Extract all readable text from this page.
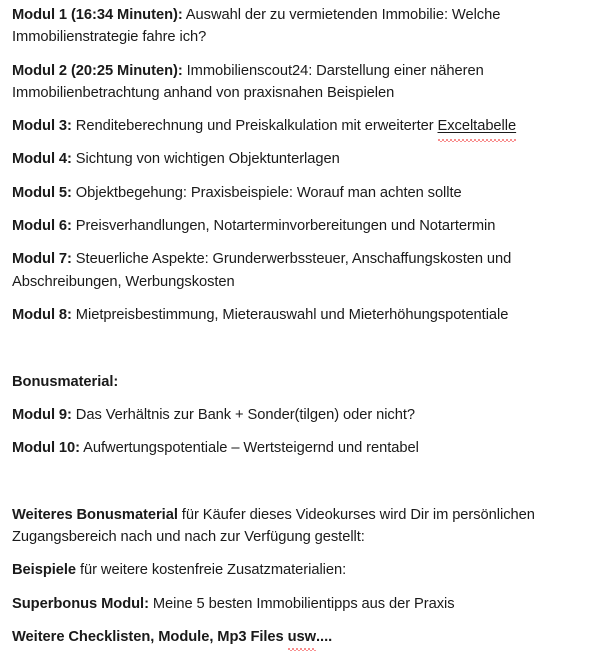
Modul 1 (16:34 Minuten): Auswahl der zu vermietenden Immobilie: Welche Immobilienstrategie fahre ich?

Modul 2 (20:25 Minuten): Immobilienscout24: Darstellung einer näheren Immobilienbetrachtung anhand von praxisnahen Beispielen

Modul 3: Renditeberechnung und Preiskalkulation mit erweiterter Exceltabelle

Modul 4: Sichtung von wichtigen Objektunterlagen

Modul 5: Objektbegehung: Praxisbeispiele: Worauf man achten sollte

Modul 6: Preisverhandlungen, Notarterminvorbereitungen und Notartermin

Modul 7: Steuerliche Aspekte: Grunderwerbssteuer, Anschaffungskosten und Abschreibungen, Werbungskosten

Modul 8: Mietpreisbestimmung, Mieterauswahl und Mieterhöhungspotentiale

Bonusmaterial:

Modul 9: Das Verhältnis zur Bank + Sonder(tilgen) oder nicht?

Modul 10: Aufwertungspotentiale – Wertsteigernd und rentabel

Weiteres Bonusmaterial für Käufer dieses Videokurses wird Dir im persönlichen Zugangsbereich nach und nach zur Verfügung gestellt:

Beispiele für weitere kostenfreie Zusatzmaterialien:

Superbonus Modul: Meine 5 besten Immobilientipps aus der Praxis

Weitere Checklisten, Module, Mp3 Files usw....
